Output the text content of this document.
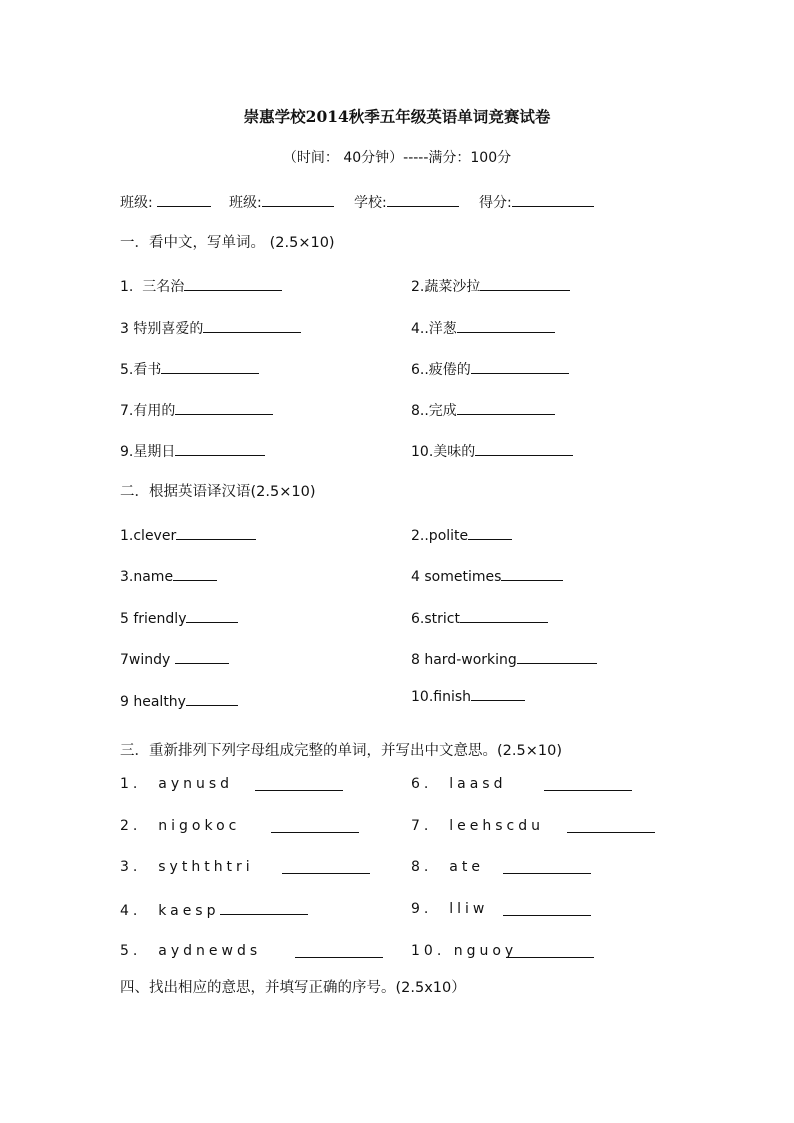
崇惠学校2014秋季五年级英语单词竞赛试卷
（时间： 40分钟）-----满分：100分
班级:	班级:	学校:	得分:
一．看中文，写单词。 (2.5×10)
1.  三名治	2.蔬菜沙拉
3 特别喜爱的	4..洋葱
5.看书	6..疲倦的
7.有用的	8..完成
9.星期日	10.美味的
二．根据英语译汉语(2.5×10)
1.clever	2..polite
3.name	4 sometimes
5 friendly	6.strict
7windy	8 hard-working
9 healthy	10.finish
三．重新排列下列字母组成完整的单词，并写出中文意思。(2.5×10)
1.  aynusd	6.  laasd
2.  nigokoc	7.  leehscdu
3.  syththtri	8.  ate
4.  kaesp	9.  lliw
5.  aydnewds	10. nguoy
四、找出相应的意思，并填写正确的序号。(2.5x10）
